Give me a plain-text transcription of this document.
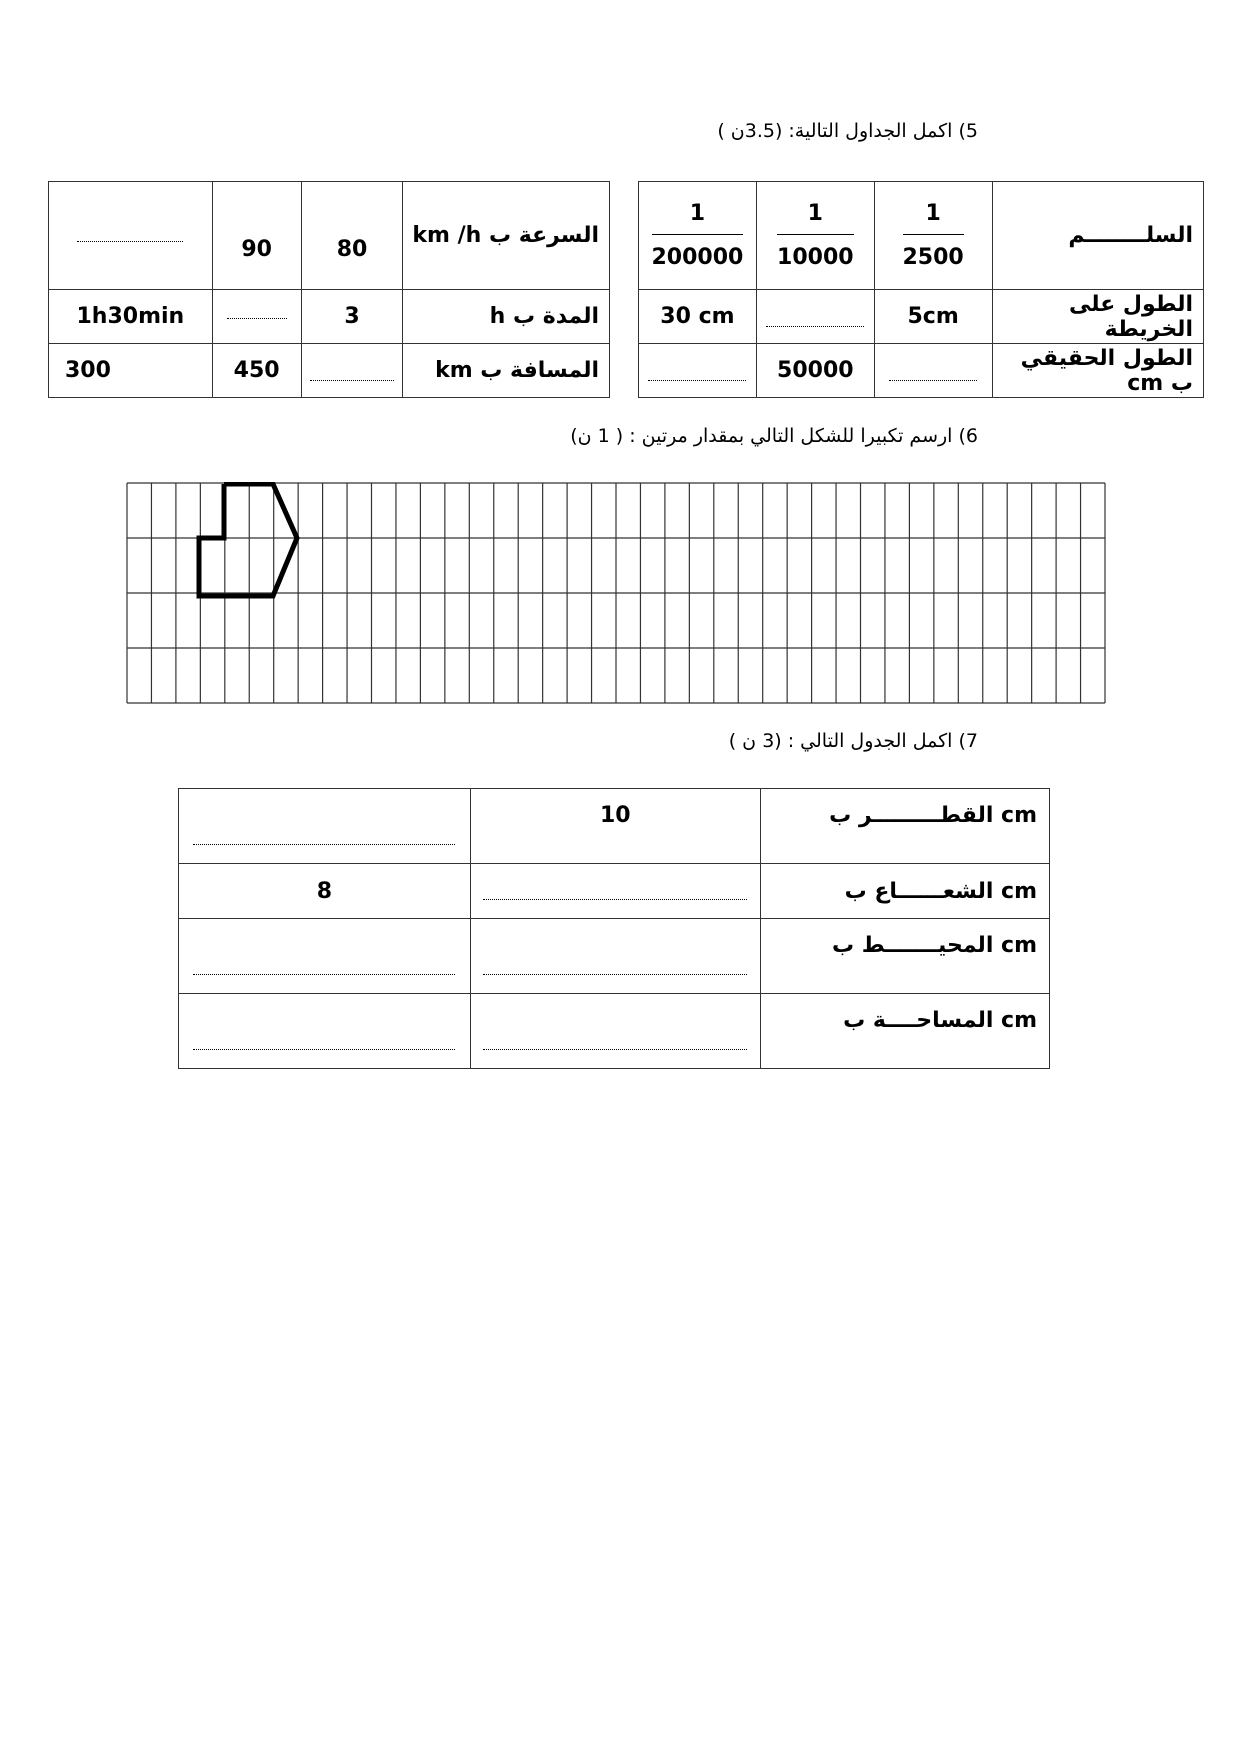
5) اكمل الجداول التالية: (3.5ن )
$\frac{1}{200000}$	$\frac{1}{10000}$	$\frac{1}{2500}$	السلــــــــم
30 cm		5cm	الطول على الخريطة
	50000		الطول الحقيقي ب cm
	90	80	السرعة ب km /h
1h30min		3	المدة ب h
300	450		المسافة ب km
6) ارسم تكبيرا للشكل التالي بمقدار مرتين : ( 1 ن)
7) اكمل الجدول التالي : (3 ن )
	10	القطـــــــــر ب cm
8		الشعــــــاع ب cm
		المحيـــــــط ب cm
		المساحــــة ب cm
